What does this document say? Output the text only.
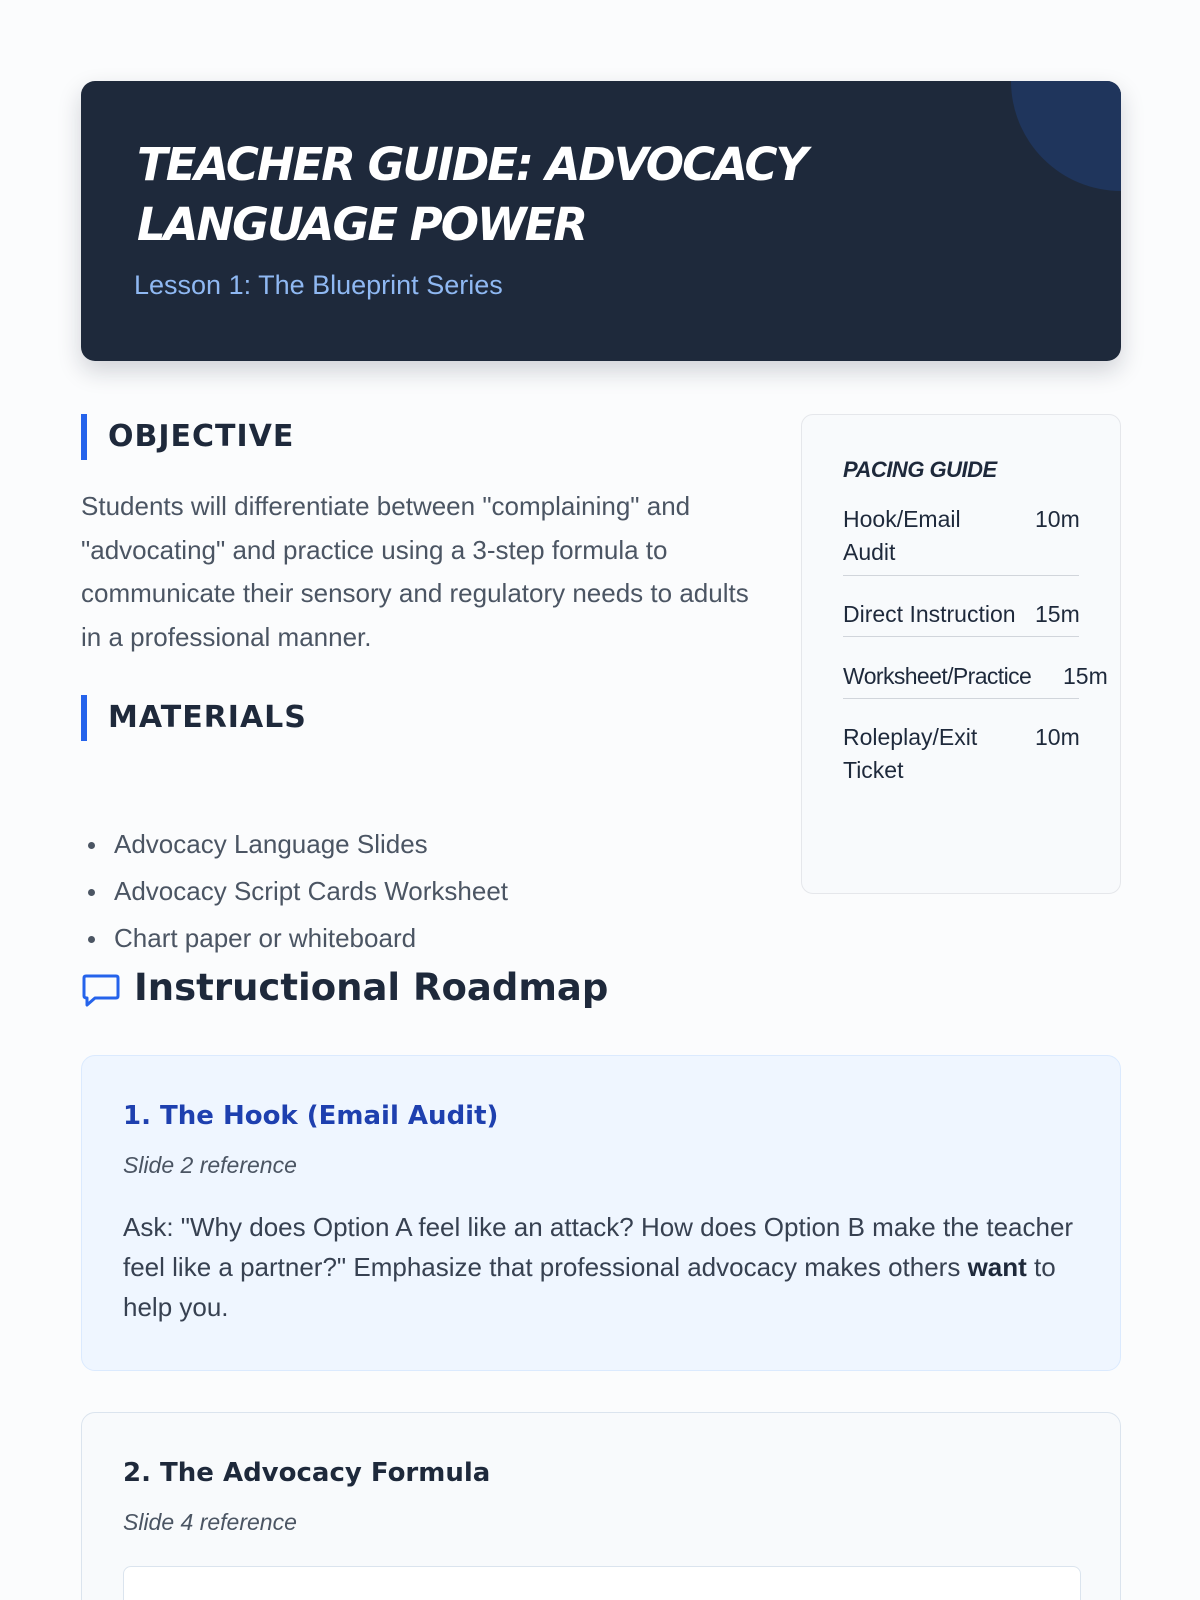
TEACHER GUIDE: ADVOCACY
LANGUAGE POWER
Lesson 1: The Blueprint Series
OBJECTIVE

Students will differentiate between "complaining" and "advocating" and practice using a 3-step formula to communicate their sensory and regulatory needs to adults in a professional manner.

MATERIALS
Advocacy Language Slides
Advocacy Script Cards Worksheet
Chart paper or whiteboard
PACING GUIDE
Hook/Email
Audit
10m
Direct Instruction 15m
Worksheet/Practice 15m
Roleplay/Exit
Ticket
10m
Instructional Roadmap
1. The Hook (Email Audit)
Slide 2 reference

Ask: "Why does Option A feel like an attack? How does Option B make the teacher feel like a partner?" Emphasize that professional advocacy makes others want to help you.

2. The Advocacy Formula
Slide 4 reference
